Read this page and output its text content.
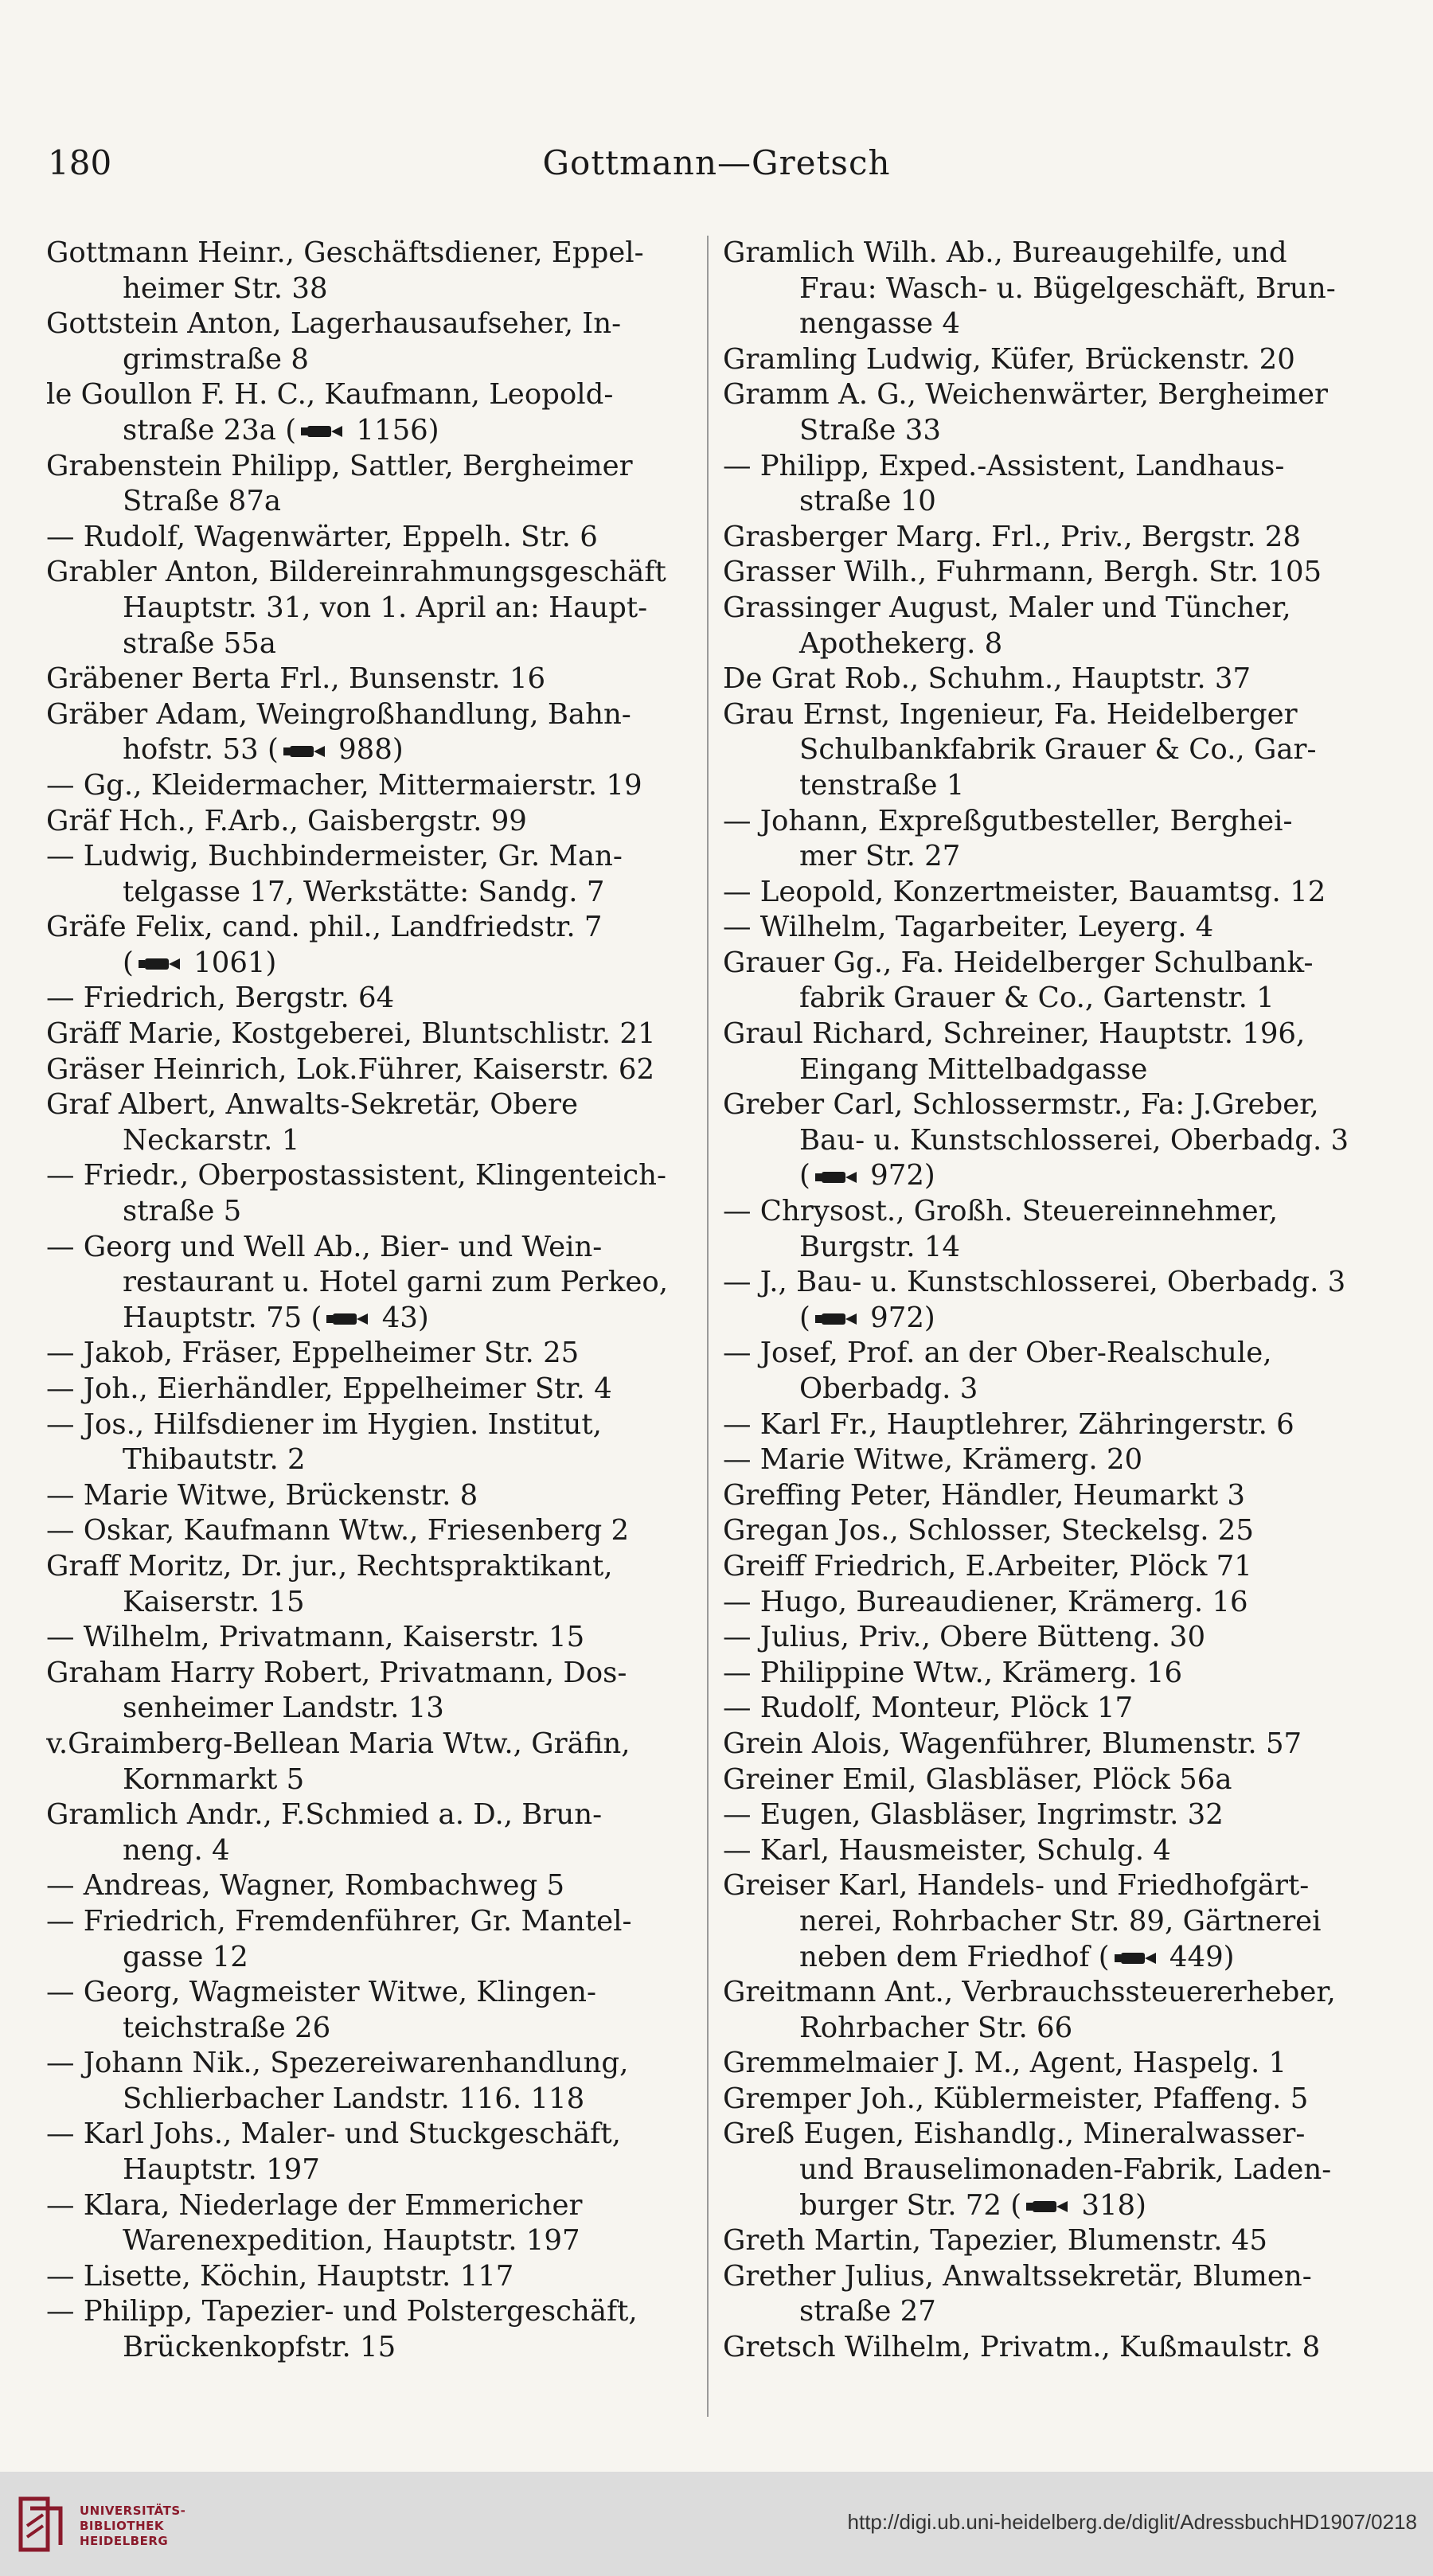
180	Gottmann—Gretsch
Gottmann Heinr., Geschäftsdiener, Eppel-
heimer Str. 38
Gottstein Anton, Lagerhausaufseher, In-
grimstraße 8
le Goullon F. H. C., Kaufmann, Leopold-
straße 23a ( 1156)
Grabenstein Philipp, Sattler, Bergheimer
Straße 87a
— Rudolf, Wagenwärter, Eppelh. Str. 6
Grabler Anton, Bildereinrahmungsgeschäft
Hauptstr. 31, von 1. April an: Haupt-
straße 55a
Gräbener Berta Frl., Bunsenstr. 16
Gräber Adam, Weingroßhandlung, Bahn-
hofstr. 53 ( 988)
— Gg., Kleidermacher, Mittermaierstr. 19
Gräf Hch., F.Arb., Gaisbergstr. 99
— Ludwig, Buchbindermeister, Gr. Man-
telgasse 17, Werkstätte: Sandg. 7
Gräfe Felix, cand. phil., Landfriedstr. 7
( 1061)
— Friedrich, Bergstr. 64
Gräff Marie, Kostgeberei, Bluntschlistr. 21
Gräser Heinrich, Lok.Führer, Kaiserstr. 62
Graf Albert, Anwalts-Sekretär, Obere
Neckarstr. 1
— Friedr., Oberpostassistent, Klingenteich-
straße 5
— Georg und Well Ab., Bier- und Wein-
restaurant u. Hotel garni zum Perkeo,
Hauptstr. 75 ( 43)
— Jakob, Fräser, Eppelheimer Str. 25
— Joh., Eierhändler, Eppelheimer Str. 4
— Jos., Hilfsdiener im Hygien. Institut,
Thibautstr. 2
— Marie Witwe, Brückenstr. 8
— Oskar, Kaufmann Wtw., Friesenberg 2
Graff Moritz, Dr. jur., Rechtspraktikant,
Kaiserstr. 15
— Wilhelm, Privatmann, Kaiserstr. 15
Graham Harry Robert, Privatmann, Dos-
senheimer Landstr. 13
v.Graimberg-Bellean Maria Wtw., Gräfin,
Kornmarkt 5
Gramlich Andr., F.Schmied a. D., Brun-
neng. 4
— Andreas, Wagner, Rombachweg 5
— Friedrich, Fremdenführer, Gr. Mantel-
gasse 12
— Georg, Wagmeister Witwe, Klingen-
teichstraße 26
— Johann Nik., Spezereiwarenhandlung,
Schlierbacher Landstr. 116. 118
— Karl Johs., Maler- und Stuckgeschäft,
Hauptstr. 197
— Klara, Niederlage der Emmericher
Warenexpedition, Hauptstr. 197
— Lisette, Köchin, Hauptstr. 117
— Philipp, Tapezier- und Polstergeschäft,
Brückenkopfstr. 15
Gramlich Wilh. Ab., Bureaugehilfe, und
Frau: Wasch- u. Bügelgeschäft, Brun-
nengasse 4
Gramling Ludwig, Küfer, Brückenstr. 20
Gramm A. G., Weichenwärter, Bergheimer
Straße 33
— Philipp, Exped.-Assistent, Landhaus-
straße 10
Grasberger Marg. Frl., Priv., Bergstr. 28
Grasser Wilh., Fuhrmann, Bergh. Str. 105
Grassinger August, Maler und Tüncher,
Apothekerg. 8
De Grat Rob., Schuhm., Hauptstr. 37
Grau Ernst, Ingenieur, Fa. Heidelberger
Schulbankfabrik Grauer & Co., Gar-
tenstraße 1
— Johann, Expreßgutbesteller, Berghei-
mer Str. 27
— Leopold, Konzertmeister, Bauamtsg. 12
— Wilhelm, Tagarbeiter, Leyerg. 4
Grauer Gg., Fa. Heidelberger Schulbank-
fabrik Grauer & Co., Gartenstr. 1
Graul Richard, Schreiner, Hauptstr. 196,
Eingang Mittelbadgasse
Greber Carl, Schlossermstr., Fa: J.Greber,
Bau- u. Kunstschlosserei, Oberbadg. 3
( 972)
— Chrysost., Großh. Steuereinnehmer,
Burgstr. 14
— J., Bau- u. Kunstschlosserei, Oberbadg. 3
( 972)
— Josef, Prof. an der Ober-Realschule,
Oberbadg. 3
— Karl Fr., Hauptlehrer, Zähringerstr. 6
— Marie Witwe, Krämerg. 20
Greffing Peter, Händler, Heumarkt 3
Gregan Jos., Schlosser, Steckelsg. 25
Greiff Friedrich, E.Arbeiter, Plöck 71
— Hugo, Bureaudiener, Krämerg. 16
— Julius, Priv., Obere Bütteng. 30
— Philippine Wtw., Krämerg. 16
— Rudolf, Monteur, Plöck 17
Grein Alois, Wagenführer, Blumenstr. 57
Greiner Emil, Glasbläser, Plöck 56a
— Eugen, Glasbläser, Ingrimstr. 32
— Karl, Hausmeister, Schulg. 4
Greiser Karl, Handels- und Friedhofgärt-
nerei, Rohrbacher Str. 89, Gärtnerei
neben dem Friedhof ( 449)
Greitmann Ant., Verbrauchssteuererheber,
Rohrbacher Str. 66
Gremmelmaier J. M., Agent, Haspelg. 1
Gremper Joh., Küblermeister, Pfaffeng. 5
Greß Eugen, Eishandlg., Mineralwasser-
und Brauselimonaden-Fabrik, Laden-
burger Str. 72 ( 318)
Greth Martin, Tapezier, Blumenstr. 45
Grether Julius, Anwaltssekretär, Blumen-
straße 27
Gretsch Wilhelm, Privatm., Kußmaulstr. 8
UNIVERSITÄTS-
BIBLIOTHEK
HEIDELBERG
http://digi.ub.uni-heidelberg.de/diglit/AdressbuchHD1907/0218
